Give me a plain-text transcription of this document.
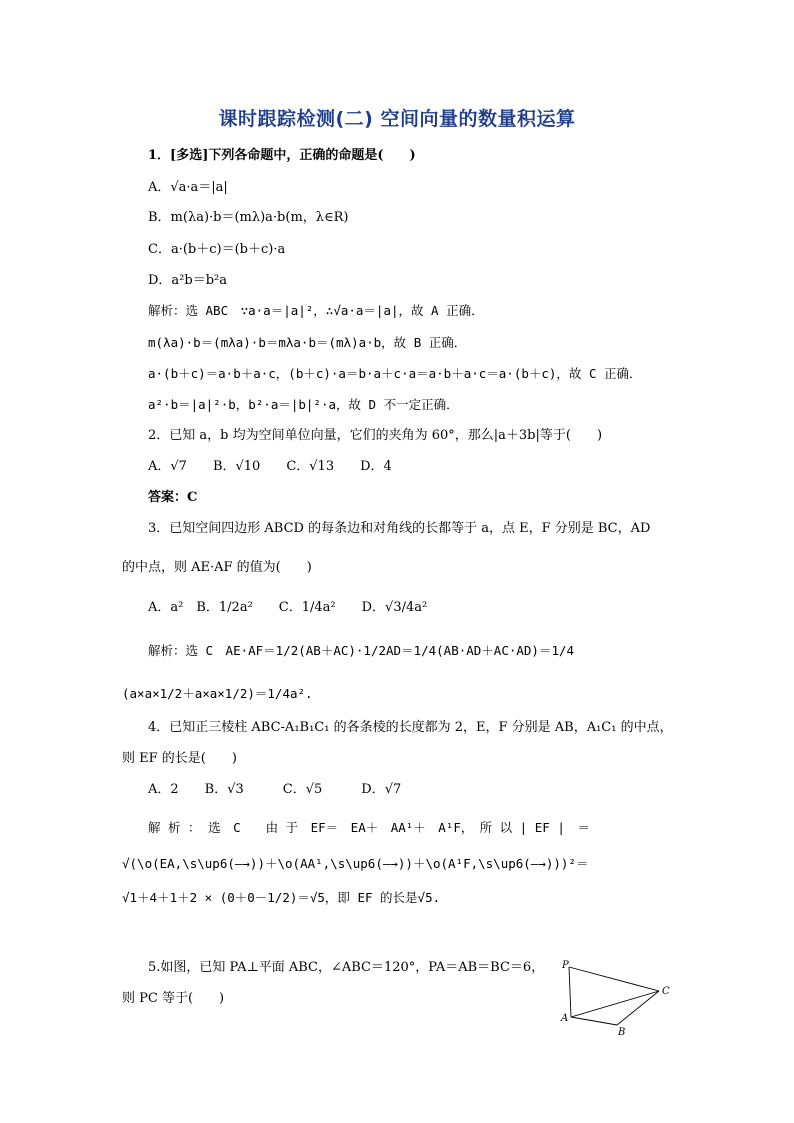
课时跟踪检测(二) 空间向量的数量积运算
1．[多选]下列各命题中，正确的命题是(　　)
A．√a·a＝|a|
B．m(λa)·b＝(mλ)a·b(m，λ∈R)
C．a·(b＋c)＝(b＋c)·a
D．a²b＝b²a
解析：选 ABC　∵a·a＝|a|²，∴√a·a＝|a|，故 A 正确．
m(λa)·b＝(mλa)·b＝mλa·b＝(mλ)a·b，故 B 正确．
a·(b＋c)＝a·b＋a·c，(b＋c)·a＝b·a＋c·a＝a·b＋a·c＝a·(b＋c)，故 C 正确．
a²·b＝|a|²·b，b²·a＝|b|²·a，故 D 不一定正确．
2．已知 a，b 均为空间单位向量，它们的夹角为 60°，那么|a＋3b|等于(　　)
A．√7　　B．√10　　C．√13　　D．4
答案：C
3．已知空间四边形 ABCD 的每条边和对角线的长都等于 a，点 E，F 分别是 BC，AD
的中点，则 AE·AF 的值为(　　)
A．a²　B．1/2a²　　C．1/4a²　　D．√3/4a²
解析：选 C　AE·AF＝1/2(AB＋AC)·1/2AD＝1/4(AB·AD＋AC·AD)＝1/4
(a×a×1/2＋a×a×1/2)＝1/4a².
4．已知正三棱柱 ABC-A₁B₁C₁ 的各条棱的长度都为 2，E，F 分别是 AB，A₁C₁ 的中点，
则 EF 的长是(　　)
A．2　　B．√3　　　C．√5　　　D．√7
解 析 ： 选　C　　由 于　EF＝　EA＋　AA¹＋　A¹F，　所 以 | EF |　＝
√(\o(EA,\s\up6(—→))＋\o(AA¹,\s\up6(—→))＋\o(A¹F,\s\up6(—→)))²＝
√1＋4＋1＋2 × (0＋0－1/2)＝√5，即 EF 的长是√5.
5.如图，已知 PA⊥平面 ABC，∠ABC＝120°，PA＝AB＝BC＝6，
则 PC 等于(　　)
P
C
A
B
